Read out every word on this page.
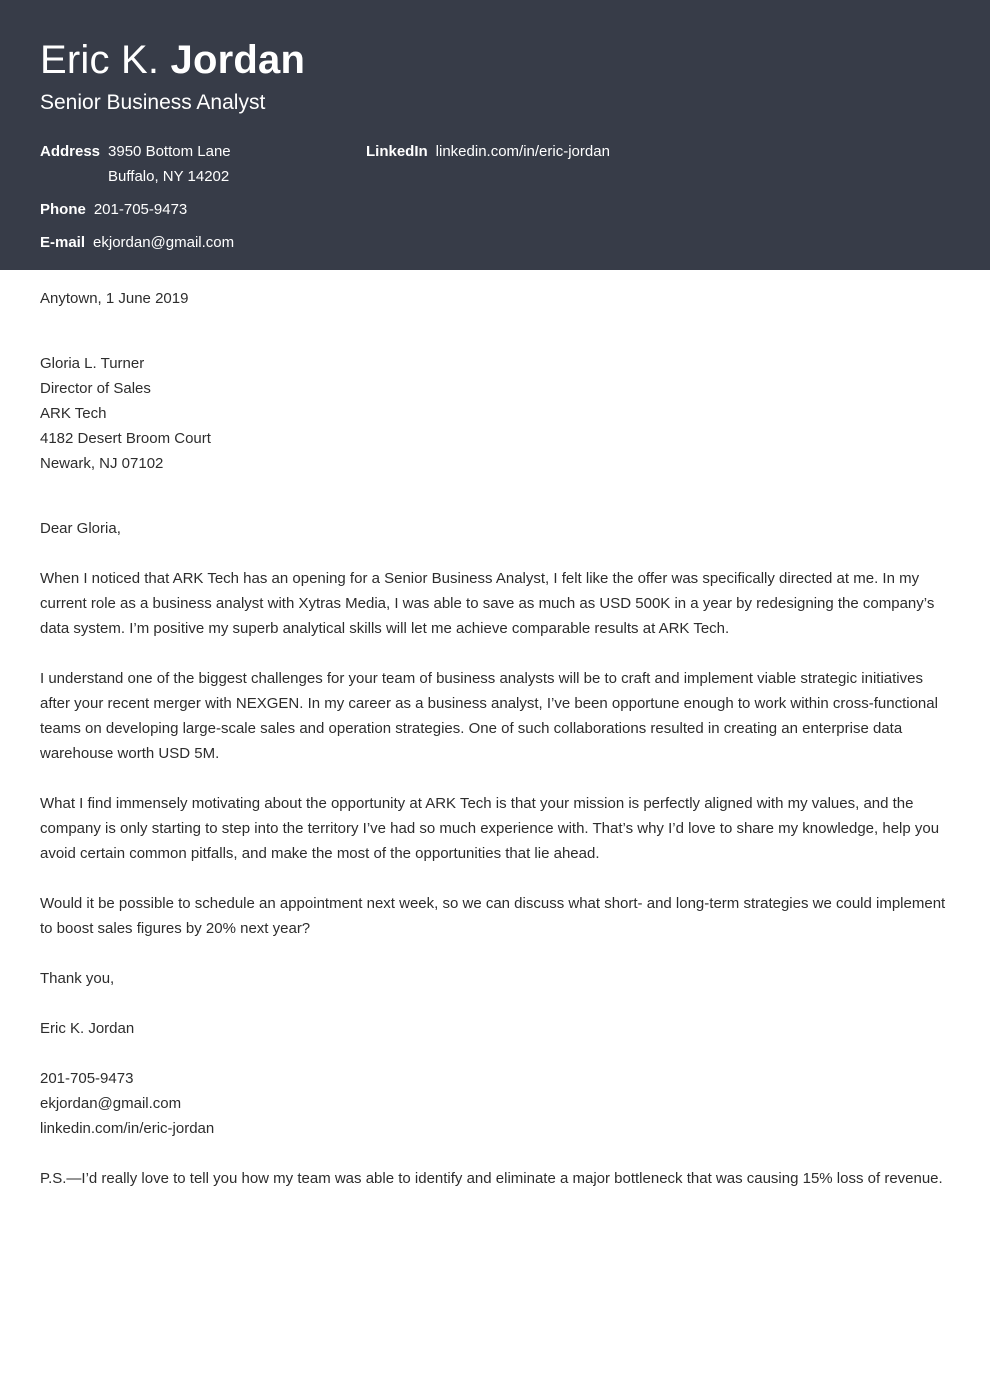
Eric K. Jordan
Senior Business Analyst
Address 3950 Bottom Lane
Buffalo, NY 14202
LinkedIn linkedin.com/in/eric-jordan
Phone 201-705-9473
E-mail ekjordan@gmail.com
Anytown, 1 June 2019
Gloria L. Turner
Director of Sales
ARK Tech
4182 Desert Broom Court
Newark, NJ 07102
Dear Gloria,
When I noticed that ARK Tech has an opening for a Senior Business Analyst, I felt like the offer was specifically directed at me. In my current role as a business analyst with Xytras Media, I was able to save as much as USD 500K in a year by redesigning the company’s data system. I’m positive my superb analytical skills will let me achieve comparable results at ARK Tech.
I understand one of the biggest challenges for your team of business analysts will be to craft and implement viable strategic initiatives after your recent merger with NEXGEN. In my career as a business analyst, I’ve been opportune enough to work within cross-functional teams on developing large-scale sales and operation strategies. One of such collaborations resulted in creating an enterprise data warehouse worth USD 5M.
What I find immensely motivating about the opportunity at ARK Tech is that your mission is perfectly aligned with my values, and the company is only starting to step into the territory I’ve had so much experience with. That’s why I’d love to share my knowledge, help you avoid certain common pitfalls, and make the most of the opportunities that lie ahead.
Would it be possible to schedule an appointment next week, so we can discuss what short- and long-term strategies we could implement to boost sales figures by 20% next year?
Thank you,
Eric K. Jordan
201-705-9473
ekjordan@gmail.com
linkedin.com/in/eric-jordan
P.S.—I’d really love to tell you how my team was able to identify and eliminate a major bottleneck that was causing 15% loss of revenue.
